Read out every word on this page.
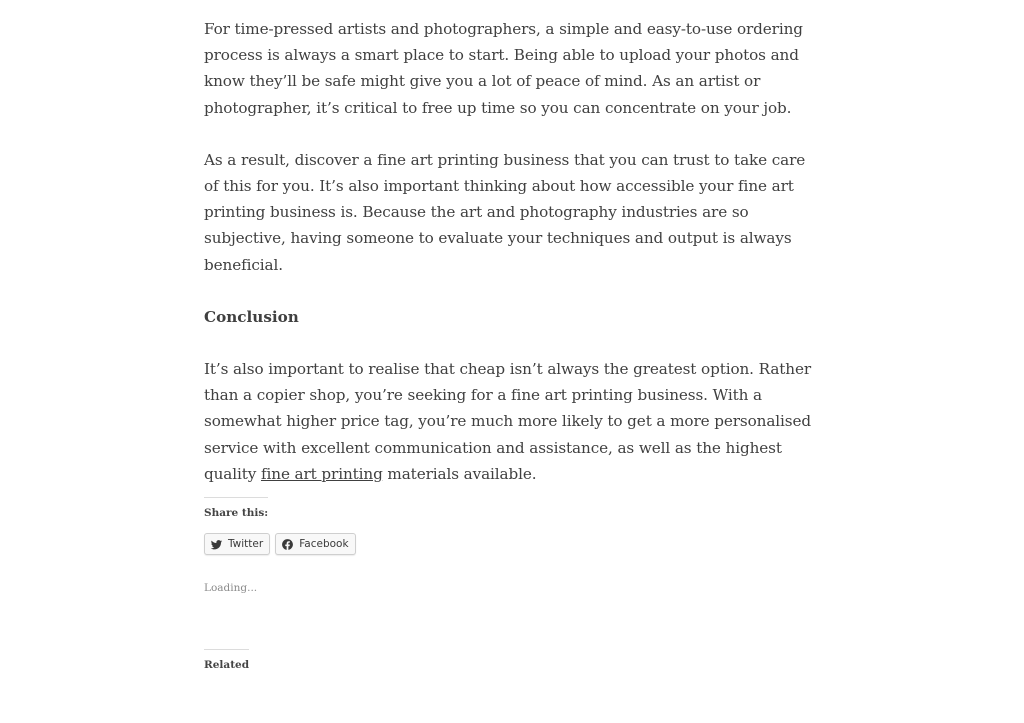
For time-pressed artists and photographers, a simple and easy-to-use ordering process is always a smart place to start. Being able to upload your photos and know they’ll be safe might give you a lot of peace of mind. As an artist or photographer, it’s critical to free up time so you can concentrate on your job.

As a result, discover a fine art printing business that you can trust to take care of this for you. It’s also important thinking about how accessible your fine art printing business is. Because the art and photography industries are so subjective, having someone to evaluate your techniques and output is always beneficial.

Conclusion

It’s also important to realise that cheap isn’t always the greatest option. Rather than a copier shop, you’re seeking for a fine art printing business. With a somewhat higher price tag, you’re much more likely to get a more personalised service with excellent communication and assistance, as well as the highest quality fine art printing materials available.

Share this:
Twitter	Facebook
Loading...
Related
